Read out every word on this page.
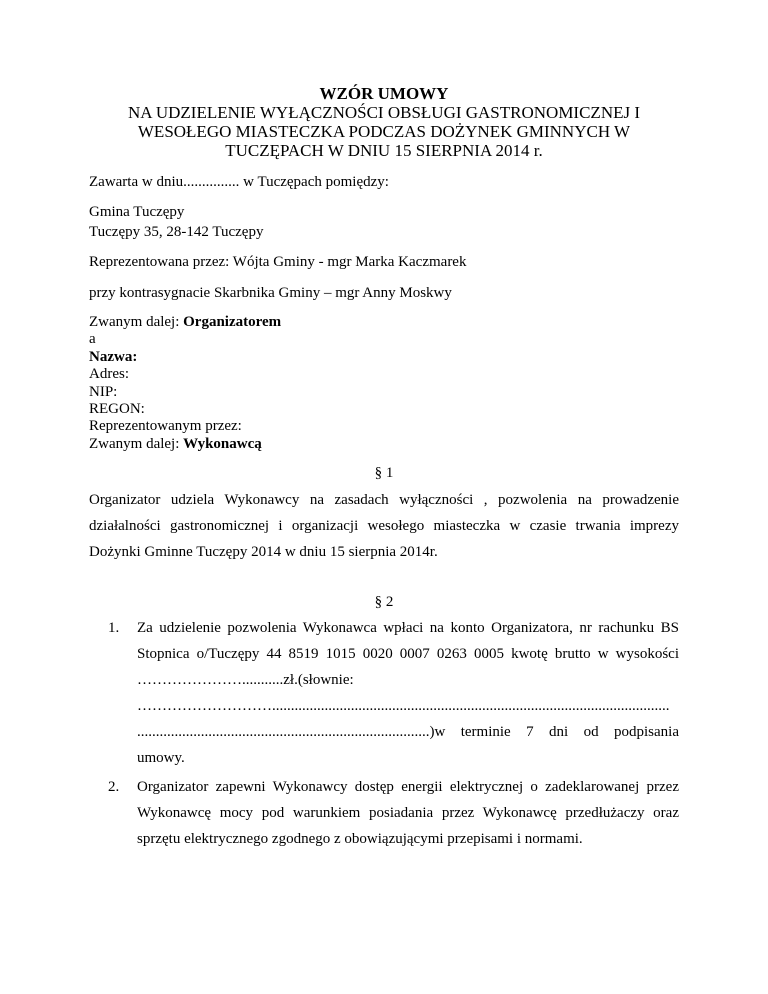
WZÓR UMOWY
NA UDZIELENIE WYŁĄCZNOŚCI OBSŁUGI GASTRONOMICZNEJ I
WESOŁEGO MIASTECZKA PODCZAS DOŻYNEK GMINNYCH W
TUCZĘPACH W DNIU 15 SIERPNIA 2014 r.
Zawarta w dniu............... w Tuczępach pomiędzy:
Gmina Tuczępy
Tuczępy 35, 28-142 Tuczępy
Reprezentowana przez: Wójta Gminy - mgr Marka Kaczmarek
przy kontrasygnacie Skarbnika Gminy – mgr Anny Moskwy
Zwanym dalej: Organizatorem
a
Nazwa:
Adres:
NIP:
REGON:
Reprezentowanym przez:
Zwanym dalej: Wykonawcą
§ 1
Organizator udziela Wykonawcy na zasadach wyłączności , pozwolenia na prowadzenie
działalności gastronomicznej i organizacji wesołego miasteczka w czasie trwania imprezy
Dożynki Gminne Tuczępy 2014 w dniu 15 sierpnia 2014r.
§ 2
1. Za udzielenie pozwolenia Wykonawca wpłaci na konto Organizatora, nr rachunku BS
Stopnica o/Tuczępy 44 8519 1015 0020 0007 0263 0005 kwotę brutto w wysokości
…………………...........zł.(słownie:
………………………..........................................................................................................
..............................................................................)w terminie 7 dni od podpisania
umowy.
2. Organizator zapewni Wykonawcy dostęp energii elektrycznej o zadeklarowanej przez
Wykonawcę mocy pod warunkiem posiadania przez Wykonawcę przedłużaczy oraz
sprzętu elektrycznego zgodnego z obowiązującymi przepisami i normami.
